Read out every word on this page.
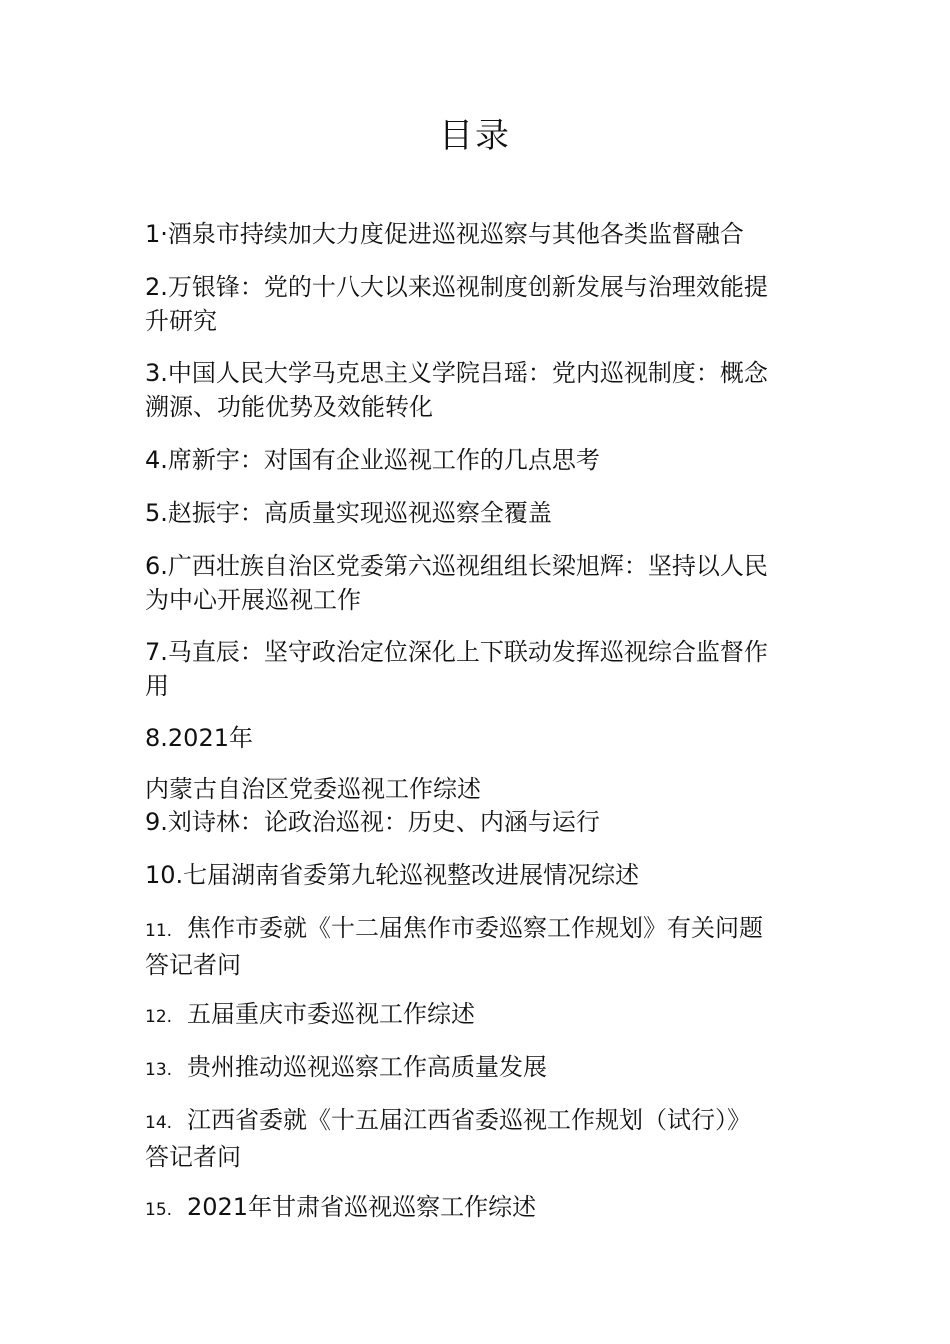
目录
1·酒泉市持续加大力度促进巡视巡察与其他各类监督融合
2.万银锋：党的十八大以来巡视制度创新发展与治理效能提
升研究
3.中国人民大学马克思主义学院吕瑶：党内巡视制度：概念
溯源、功能优势及效能转化
4.席新宇：对国有企业巡视工作的几点思考
5.赵振宇：高质量实现巡视巡察全覆盖
6.广西壮族自治区党委第六巡视组组长梁旭辉：坚持以人民
为中心开展巡视工作
7.马直辰：坚守政治定位深化上下联动发挥巡视综合监督作
用
8.2021年
内蒙古自治区党委巡视工作综述
9.刘诗林：论政治巡视：历史、内涵与运行
10.七届湖南省委第九轮巡视整改进展情况综述
11. 焦作市委就《十二届焦作市委巡察工作规划》有关问题
答记者问
12. 五届重庆市委巡视工作综述
13. 贵州推动巡视巡察工作高质量发展
14. 江西省委就《十五届江西省委巡视工作规划（试行）》
答记者问
15. 2021年甘肃省巡视巡察工作综述
